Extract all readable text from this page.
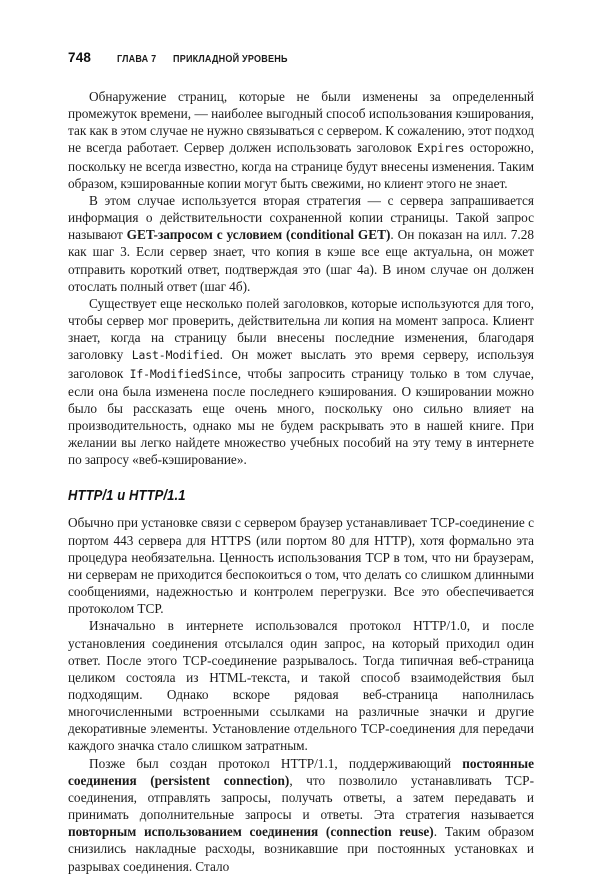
748 ГЛАВА 7 ПРИКЛАДНОЙ УРОВЕНЬ

Обнаружение страниц, которые не были изменены за определенный промежуток времени, — наиболее выгодный способ использования кэширования, так как в этом случае не нужно связываться с сервером. К сожалению, этот подход не всегда работает. Сервер должен использовать заголовок Expires осторожно, поскольку не всегда известно, когда на странице будут внесены изменения. Таким образом, кэшированные копии могут быть свежими, но клиент этого не знает.

В этом случае используется вторая стратегия — с сервера запрашивается информация о действительности сохраненной копии страницы. Такой запрос называют GET-запросом с условием (conditional GET). Он показан на илл. 7.28 как шаг 3. Если сервер знает, что копия в кэше все еще актуальна, он может отправить короткий ответ, подтверждая это (шаг 4а). В ином случае он должен отослать полный ответ (шаг 4б).

Существует еще несколько полей заголовков, которые используются для того, чтобы сервер мог проверить, действительна ли копия на момент запроса. Клиент знает, когда на страницу были внесены последние изменения, благодаря заголовку Last-Modified. Он может выслать это время серверу, используя заголовок If-ModifiedSince, чтобы запросить страницу только в том случае, если она была изменена после последнего кэширования. О кэшировании можно было бы рассказать еще очень много, поскольку оно сильно влияет на производительность, однако мы не будем раскрывать это в нашей книге. При желании вы легко найдете множество учебных пособий на эту тему в интернете по запросу «веб-кэширование».

HTTP/1 и HTTP/1.1

Обычно при установке связи с сервером браузер устанавливает TCP-соединение с портом 443 сервера для HTTPS (или портом 80 для HTTP), хотя формально эта процедура необязательна. Ценность использования TCP в том, что ни браузерам, ни серверам не приходится беспокоиться о том, что делать со слишком длинными сообщениями, надежностью и контролем перегрузки. Все это обеспечивается протоколом TCP.

Изначально в интернете использовался протокол HTTP/1.0, и после установления соединения отсылался один запрос, на который приходил один ответ. После этого TCP-соединение разрывалось. Тогда типичная веб-страница целиком состояла из HTML-текста, и такой способ взаимодействия был подходящим. Однако вскоре рядовая веб-страница наполнилась многочисленными встроенными ссылками на различные значки и другие декоративные элементы. Установление отдельного TCP-соединения для передачи каждого значка стало слишком затратным.

Позже был создан протокол HTTP/1.1, поддерживающий постоянные соединения (persistent connection), что позволило устанавливать TCP-соединения, отправлять запросы, получать ответы, а затем передавать и принимать дополнительные запросы и ответы. Эта стратегия называется повторным использованием соединения (connection reuse). Таким образом снизились накладные расходы, возникавшие при постоянных установках и разрывах соединения. Стало
